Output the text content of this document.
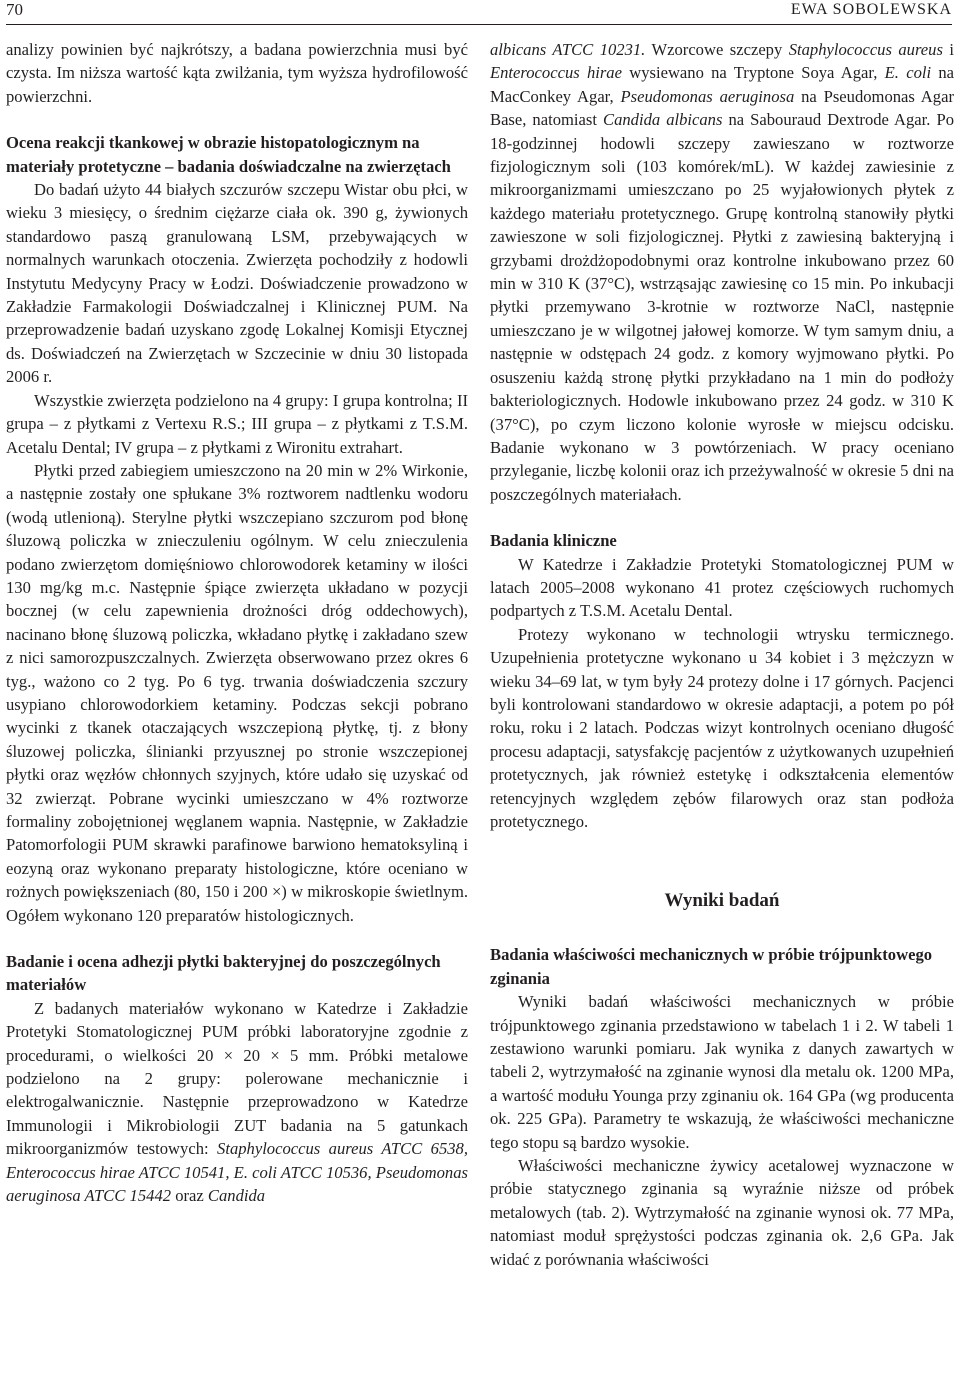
70	EWA SOBOLEWSKA

analizy powinien być najkrótszy, a badana powierzchnia musi być czysta. Im niższa wartość kąta zwilżania, tym wyższa hydrofilowość powierzchni.

Ocena reakcji tkankowej w obrazie histopatologicznym na materiały protetyczne – badania doświadczalne na zwierzętach

Do badań użyto 44 białych szczurów szczepu Wistar obu płci, w wieku 3 miesięcy, o średnim ciężarze ciała ok. 390 g, żywionych standardowo paszą granulowaną LSM, przebywających w normalnych warunkach otoczenia. Zwierzęta pochodziły z hodowli Instytutu Medycyny Pracy w Łodzi. Doświadczenie prowadzono w Zakładzie Farmakologii Doświadczalnej i Klinicznej PUM. Na przeprowadzenie badań uzyskano zgodę Lokalnej Komisji Etycznej ds. Doświadczeń na Zwierzętach w Szczecinie w dniu 30 listopada 2006 r.

Wszystkie zwierzęta podzielono na 4 grupy: I grupa kontrolna; II grupa – z płytkami z Vertexu R.S.; III grupa – z płytkami z T.S.M. Acetalu Dental; IV grupa – z płytkami z Wironitu extrahart.

Płytki przed zabiegiem umieszczono na 20 min w 2% Wirkonie, a następnie zostały one spłukane 3% roztworem nadtlenku wodoru (wodą utlenioną). Sterylne płytki wszczepiano szczurom pod błonę śluzową policzka w znieczuleniu ogólnym. W celu znieczulenia podano zwierzętom domięśniowo chlorowodorek ketaminy w ilości 130 mg/kg m.c. Następnie śpiące zwierzęta układano w pozycji bocznej (w celu zapewnienia drożności dróg oddechowych), nacinano błonę śluzową policzka, wkładano płytkę i zakładano szew z nici samorozpuszczalnych. Zwierzęta obserwowano przez okres 6 tyg., ważono co 2 tyg. Po 6 tyg. trwania doświadczenia szczury usypiano chlorowodorkiem ketaminy. Podczas sekcji pobrano wycinki z tkanek otaczających wszczepioną płytkę, tj. z błony śluzowej policzka, ślinianki przyusznej po stronie wszczepionej płytki oraz węzłów chłonnych szyjnych, które udało się uzyskać od 32 zwierząt. Pobrane wycinki umieszczano w 4% roztworze formaliny zobojętnionej węglanem wapnia. Następnie, w Zakładzie Patomorfologii PUM skrawki parafinowe barwiono hematoksyliną i eozyną oraz wykonano preparaty histologiczne, które oceniano w rożnych powiększeniach (80, 150 i 200 ×) w mikroskopie świetlnym. Ogółem wykonano 120 preparatów histologicznych.

Badanie i ocena adhezji płytki bakteryjnej do poszczególnych materiałów

Z badanych materiałów wykonano w Katedrze i Zakładzie Protetyki Stomatologicznej PUM próbki laboratoryjne zgodnie z procedurami, o wielkości 20 × 20 × 5 mm. Próbki metalowe podzielono na 2 grupy: polerowane mechanicznie i elektrogalwanicznie. Następnie przeprowadzono w Katedrze Immunologii i Mikrobiologii ZUT badania na 5 gatunkach mikroorganizmów testowych: Staphylococcus aureus ATCC 6538, Enterococcus hirae ATCC 10541, E. coli ATCC 10536, Pseudomonas aeruginosa ATCC 15442 oraz Candida

albicans ATCC 10231. Wzorcowe szczepy Staphylococcus aureus i Enterococcus hirae wysiewano na Tryptone Soya Agar, E. coli na MacConkey Agar, Pseudomonas aeruginosa na Pseudomonas Agar Base, natomiast Candida albicans na Sabouraud Dextrode Agar. Po 18-godzinnej hodowli szczepy zawieszano w roztworze fizjologicznym soli (103 komórek/mL). W każdej zawiesinie z mikroorganizmami umieszczano po 25 wyjałowionych płytek z każdego materiału protetycznego. Grupę kontrolną stanowiły płytki zawieszone w soli fizjologicznej. Płytki z zawiesiną bakteryjną i grzybami drożdżopodobnymi oraz kontrolne inkubowano przez 60 min w 310 K (37°C), wstrząsając zawiesinę co 15 min. Po inkubacji płytki przemywano 3-krotnie w roztworze NaCl, następnie umieszczano je w wilgotnej jałowej komorze. W tym samym dniu, a następnie w odstępach 24 godz. z komory wyjmowano płytki. Po osuszeniu każdą stronę płytki przykładano na 1 min do podłoży bakteriologicznych. Hodowle inkubowano przez 24 godz. w 310 K (37°C), po czym liczono kolonie wyrosłe w miejscu odcisku. Badanie wykonano w 3 powtórzeniach. W pracy oceniano przyleganie, liczbę kolonii oraz ich przeżywalność w okresie 5 dni na poszczególnych materiałach.

Badania kliniczne

W Katedrze i Zakładzie Protetyki Stomatologicznej PUM w latach 2005–2008 wykonano 41 protez częściowych ruchomych podpartych z T.S.M. Acetalu Dental.

Protezy wykonano w technologii wtrysku termicznego. Uzupełnienia protetyczne wykonano u 34 kobiet i 3 mężczyzn w wieku 34–69 lat, w tym były 24 protezy dolne i 17 górnych. Pacjenci byli kontrolowani standardowo w okresie adaptacji, a potem po pół roku, roku i 2 latach. Podczas wizyt kontrolnych oceniano długość procesu adaptacji, satysfakcję pacjentów z użytkowanych uzupełnień protetycznych, jak również estetykę i odkształcenia elementów retencyjnych względem zębów filarowych oraz stan podłoża protetycznego.

Wyniki badań
Badania właściwości mechanicznych w próbie trójpunktowego zginania

Wyniki badań właściwości mechanicznych w próbie trójpunktowego zginania przedstawiono w tabelach 1 i 2. W tabeli 1 zestawiono warunki pomiaru. Jak wynika z danych zawartych w tabeli 2, wytrzymałość na zginanie wynosi dla metalu ok. 1200 MPa, a wartość modułu Younga przy zginaniu ok. 164 GPa (wg producenta ok. 225 GPa). Parametry te wskazują, że właściwości mechaniczne tego stopu są bardzo wysokie.

Właściwości mechaniczne żywicy acetalowej wyznaczone w próbie statycznego zginania są wyraźnie niższe od próbek metalowych (tab. 2). Wytrzymałość na zginanie wynosi ok. 77 MPa, natomiast moduł sprężystości podczas zginania ok. 2,6 GPa. Jak widać z porównania właściwości
